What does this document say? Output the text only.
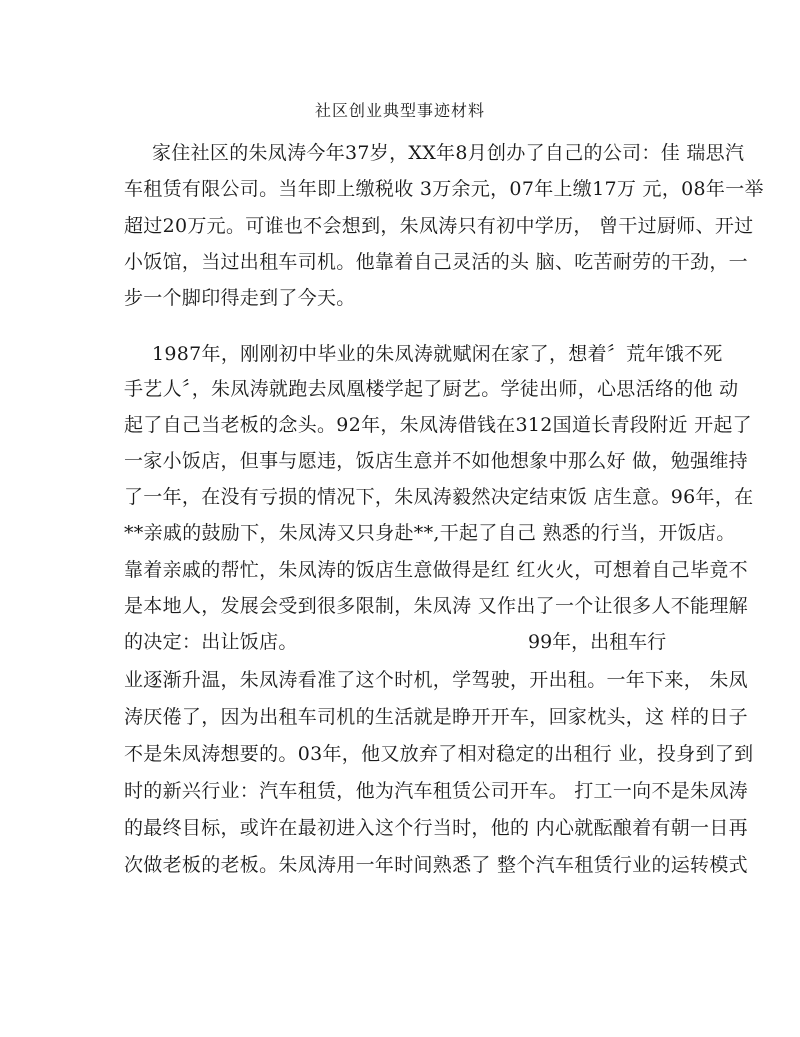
社区创业典型事迹材料
家住社区的朱凤涛今年37岁，XX年8月创办了自己的公司：佳 瑞思汽
车租赁有限公司。当年即上缴税收 3万余元，07年上缴17万 元，08年一举
超过20万元。可谁也不会想到，朱凤涛只有初中学历， 曾干过厨师、开过
小饭馆，当过出租车司机。他靠着自己灵活的头 脑、吃苦耐劳的干劲，一
步一个脚印得走到了今天。
1987年，刚刚初中毕业的朱凤涛就赋闲在家了，想着〞荒年饿不死
手艺人〞，朱凤涛就跑去凤凰楼学起了厨艺。学徒出师，心思活络的他 动
起了自己当老板的念头。92年，朱凤涛借钱在312国道长青段附近 开起了
一家小饭店，但事与愿违，饭店生意并不如他想象中那么好 做，勉强维持
了一年，在没有亏损的情况下，朱凤涛毅然决定结束饭 店生意。96年，在
**亲戚的鼓励下，朱凤涛又只身赴**,干起了自己 熟悉的行当，开饭店。
靠着亲戚的帮忙，朱凤涛的饭店生意做得是红 红火火，可想着自己毕竟不
是本地人，发展会受到很多限制，朱凤涛 又作出了一个让很多人不能理解
的决定：出让饭店。	99年，出租车行
业逐渐升温，朱凤涛看准了这个时机，学驾驶，开出租。一年下来， 朱凤
涛厌倦了，因为出租车司机的生活就是睁开开车，回家枕头，这 样的日子
不是朱凤涛想要的。03年，他又放弃了相对稳定的出租行 业，投身到了到
时的新兴行业：汽车租赁，他为汽车租赁公司开车。 打工一向不是朱凤涛
的最终目标，或许在最初进入这个行当时，他的 内心就酝酿着有朝一日再
次做老板的老板。朱凤涛用一年时间熟悉了 整个汽车租赁行业的运转模式
